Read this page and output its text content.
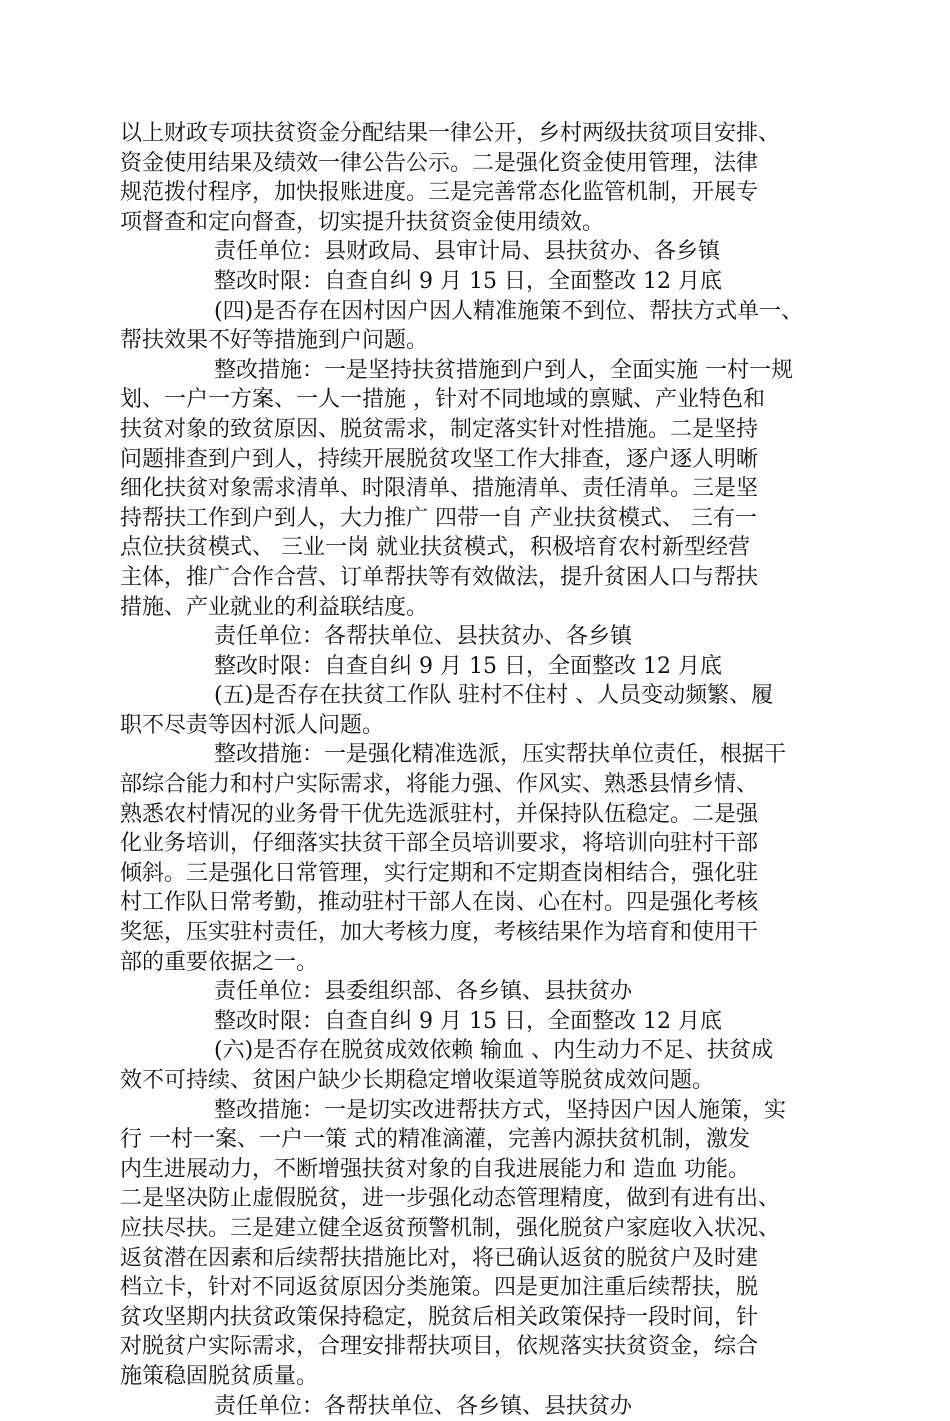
以上财政专项扶贫资金分配结果一律公开，乡村两级扶贫项目安排、
资金使用结果及绩效一律公告公示。二是强化资金使用管理，法律
规范拨付程序，加快报账进度。三是完善常态化监管机制，开展专
项督查和定向督查，切实提升扶贫资金使用绩效。
责任单位：县财政局、县审计局、县扶贫办、各乡镇
整改时限：自查自纠 9 月 15 日，全面整改 12 月底
(四)是否存在因村因户因人精准施策不到位、帮扶方式单一、
帮扶效果不好等措施到户问题。
整改措施：一是坚持扶贫措施到户到人，全面实施 一村一规
划、一户一方案、一人一措施 ，针对不同地域的禀赋、产业特色和
扶贫对象的致贫原因、脱贫需求，制定落实针对性措施。二是坚持
问题排查到户到人，持续开展脱贫攻坚工作大排查，逐户逐人明晰
细化扶贫对象需求清单、时限清单、措施清单、责任清单。三是坚
持帮扶工作到户到人，大力推广 四带一自 产业扶贫模式、 三有一
点位扶贫模式、 三业一岗 就业扶贫模式，积极培育农村新型经营
主体，推广合作合营、订单帮扶等有效做法，提升贫困人口与帮扶
措施、产业就业的利益联结度。
责任单位：各帮扶单位、县扶贫办、各乡镇
整改时限：自查自纠 9 月 15 日，全面整改 12 月底
(五)是否存在扶贫工作队 驻村不住村 、人员变动频繁、履
职不尽责等因村派人问题。
整改措施：一是强化精准选派，压实帮扶单位责任，根据干
部综合能力和村户实际需求，将能力强、作风实、熟悉县情乡情、
熟悉农村情况的业务骨干优先选派驻村，并保持队伍稳定。二是强
化业务培训，仔细落实扶贫干部全员培训要求，将培训向驻村干部
倾斜。三是强化日常管理，实行定期和不定期查岗相结合，强化驻
村工作队日常考勤，推动驻村干部人在岗、心在村。四是强化考核
奖惩，压实驻村责任，加大考核力度，考核结果作为培育和使用干
部的重要依据之一。
责任单位：县委组织部、各乡镇、县扶贫办
整改时限：自查自纠 9 月 15 日，全面整改 12 月底
(六)是否存在脱贫成效依赖 输血 、内生动力不足、扶贫成
效不可持续、贫困户缺少长期稳定增收渠道等脱贫成效问题。
整改措施：一是切实改进帮扶方式，坚持因户因人施策，实
行 一村一案、一户一策 式的精准滴灌，完善内源扶贫机制，激发
内生进展动力，不断增强扶贫对象的自我进展能力和 造血 功能。
二是坚决防止虚假脱贫，进一步强化动态管理精度，做到有进有出、
应扶尽扶。三是建立健全返贫预警机制，强化脱贫户家庭收入状况、
返贫潜在因素和后续帮扶措施比对，将已确认返贫的脱贫户及时建
档立卡，针对不同返贫原因分类施策。四是更加注重后续帮扶，脱
贫攻坚期内扶贫政策保持稳定，脱贫后相关政策保持一段时间，针
对脱贫户实际需求，合理安排帮扶项目，依规落实扶贫资金，综合
施策稳固脱贫质量。
责任单位：各帮扶单位、各乡镇、县扶贫办
